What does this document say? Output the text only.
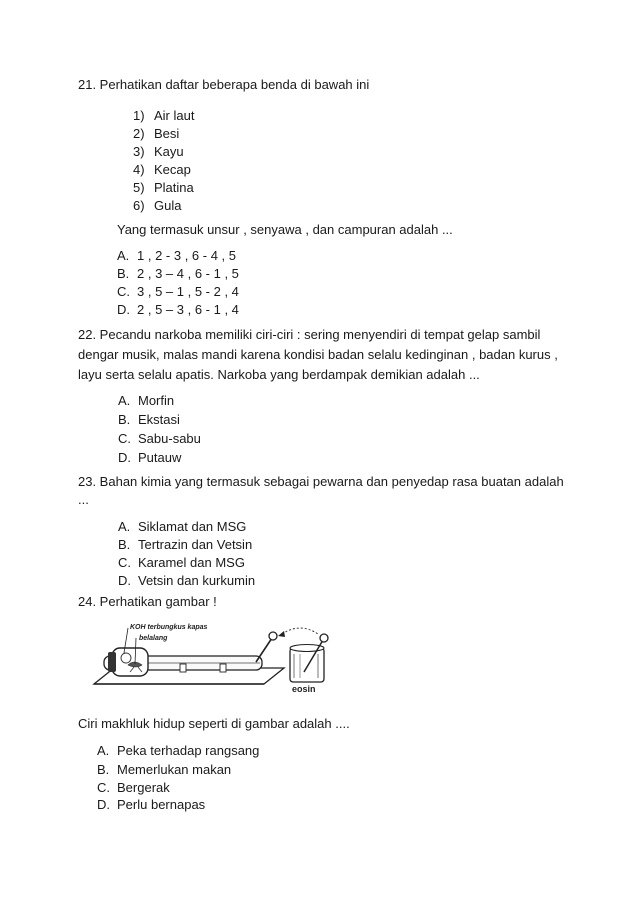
21. Perhatikan daftar beberapa benda di bawah ini
1) Air laut
2) Besi
3) Kayu
4) Kecap
5) Platina
6) Gula
Yang termasuk unsur , senyawa , dan campuran adalah ...
A. 1 , 2 - 3 , 6 - 4 , 5
B. 2 , 3 – 4 , 6 - 1 , 5
C. 3 , 5 – 1 , 5 - 2 , 4
D. 2 , 5 – 3 , 6 - 1 , 4
22. Pecandu narkoba memiliki ciri-ciri : sering menyendiri di tempat gelap sambil
dengar musik, malas mandi karena kondisi badan selalu kedinginan , badan kurus ,
layu serta selalu apatis. Narkoba yang berdampak demikian adalah ...
A. Morfin
B. Ekstasi
C. Sabu-sabu
D. Putauw
23. Bahan kimia yang termasuk sebagai pewarna dan penyedap rasa buatan adalah
...
A. Siklamat dan MSG
B. Tertrazin dan Vetsin
C. Karamel dan MSG
D. Vetsin dan kurkumin
24. Perhatikan gambar !
KOH terbungkus kapas
belalang
eosin
Ciri makhluk hidup seperti di gambar adalah ....
A. Peka terhadap rangsang
B. Memerlukan makan
C. Bergerak
D. Perlu bernapas
